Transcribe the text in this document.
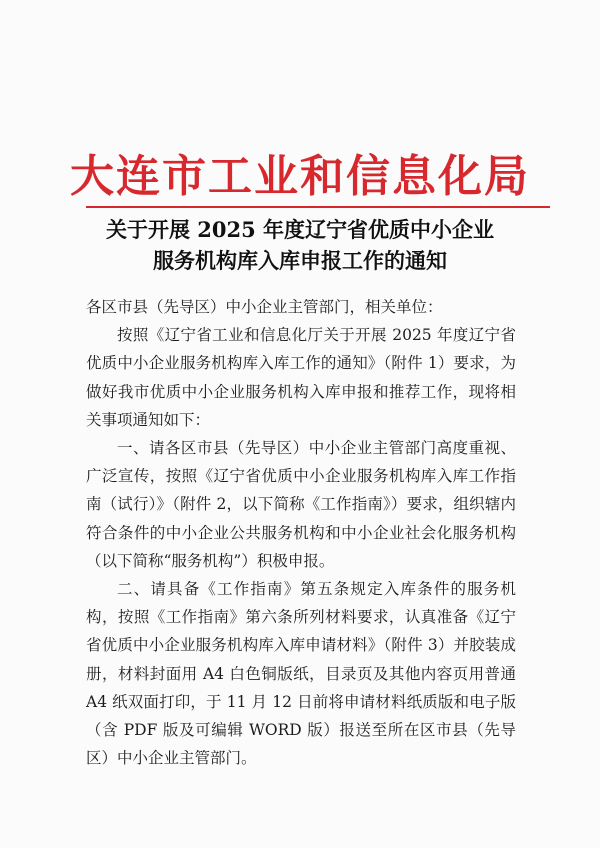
大连市工业和信息化局
关于开展 2025 年度辽宁省优质中小企业
服务机构库入库申报工作的通知

各区市县（先导区）中小企业主管部门，相关单位：

按照《辽宁省工业和信息化厅关于开展 2025 年度辽宁省优质中小企业服务机构库入库工作的通知》（附件 1）要求，为做好我市优质中小企业服务机构入库申报和推荐工作，现将相关事项通知如下：

一、请各区市县（先导区）中小企业主管部门高度重视、广泛宣传，按照《辽宁省优质中小企业服务机构库入库工作指南（试行）》（附件 2，以下简称《工作指南》）要求，组织辖内符合条件的中小企业公共服务机构和中小企业社会化服务机构（以下简称“服务机构”）积极申报。

二、请具备《工作指南》第五条规定入库条件的服务机构，按照《工作指南》第六条所列材料要求，认真准备《辽宁省优质中小企业服务机构库入库申请材料》（附件 3）并胶装成册，材料封面用 A4 白色铜版纸，目录页及其他内容页用普通 A4 纸双面打印，于 11 月 12 日前将申请材料纸质版和电子版（含 PDF 版及可编辑 WORD 版）报送至所在区市县（先导区）中小企业主管部门。
